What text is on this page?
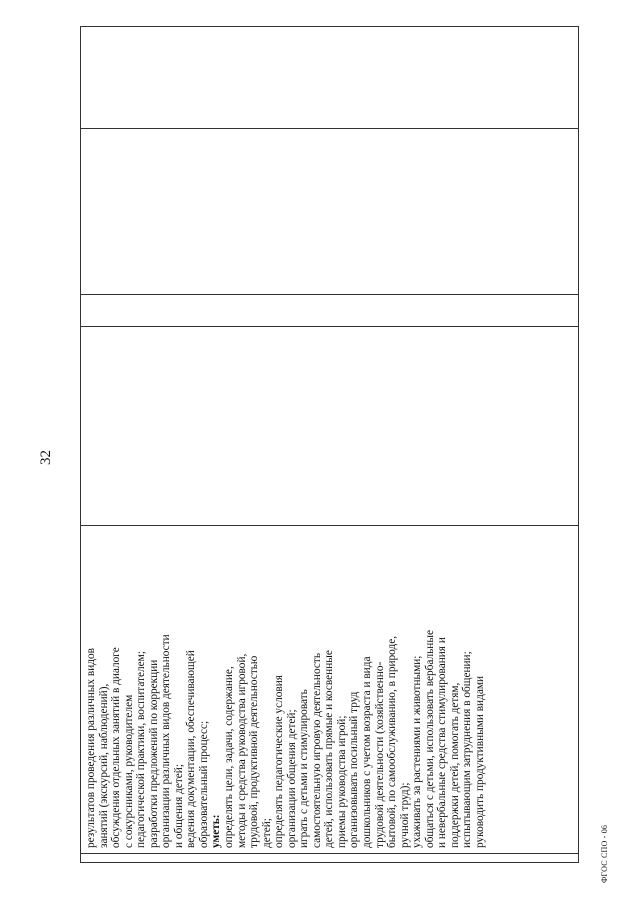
32

результатов проведения различных видов занятий (экскурсий, наблюдений), обсуждения отдельных занятий в диалоге с сокурсниками, руководителем педагогической практики, воспитателем; разработки предложений по коррекции организации различных видов деятельности и общения детей; ведения документации, обеспечивающей образовательный процесс; уметь: определять цели, задачи, содержание, методы и средства руководства игровой, трудовой, продуктивной деятельностью детей; определять педагогические условия организации общения детей; играть с детьми и стимулировать самостоятельную игровую деятельность детей, использовать прямые и косвенные приемы руководства игрой; организовывать посильный труд дошкольников с учетом возраста и вида трудовой деятельности (хозяйственно- бытовой, по самообслуживанию, в природе, ручной труд); ухаживать за растениями и животными; общаться с детьми, использовать вербальные и невербальные средства стимулирования и поддержки детей, помогать детям, испытывающим затруднения в общении; руководить продуктивными видами

ФГОС СПО - 06
